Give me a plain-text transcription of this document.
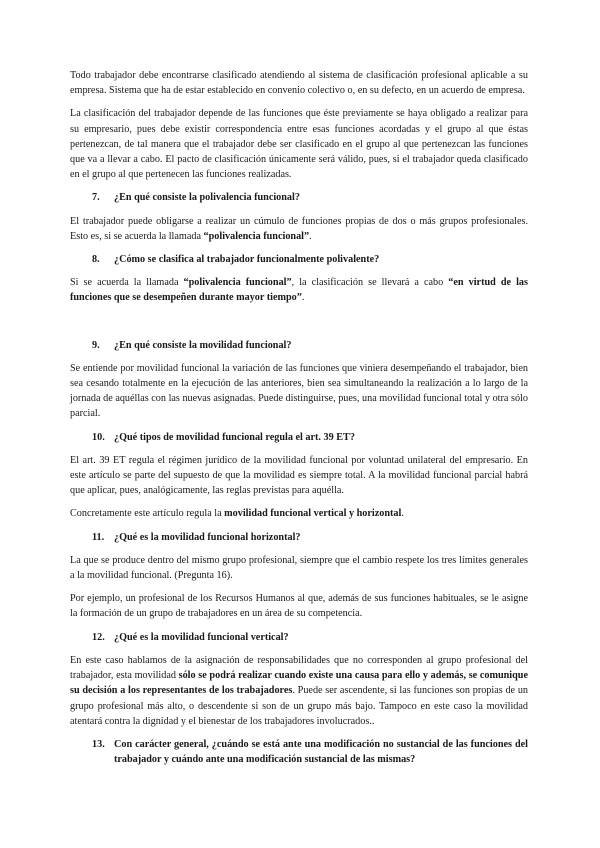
Todo trabajador debe encontrarse clasificado atendiendo al sistema de clasificación profesional aplicable a su empresa. Sistema que ha de estar establecido en convenio colectivo o, en su defecto, en un acuerdo de empresa.

La clasificación del trabajador depende de las funciones que éste previamente se haya obligado a realizar para su empresario, pues debe existir correspondencia entre esas funciones acordadas y el grupo al que éstas pertenezcan, de tal manera que el trabajador debe ser clasificado en el grupo al que pertenezcan las funciones que va a llevar a cabo. El pacto de clasificación únicamente será válido, pues, si el trabajador queda clasificado en el grupo al que pertenecen las funciones realizadas.

7. ¿En qué consiste la polivalencia funcional?

El trabajador puede obligarse a realizar un cúmulo de funciones propias de dos o más grupos profesionales. Esto es, si se acuerda la llamada “polivalencia funcional”.

8. ¿Cómo se clasifica al trabajador funcionalmente polivalente?

Si se acuerda la llamada “polivalencia funcional”, la clasificación se llevará a cabo “en virtud de las funciones que se desempeñen durante mayor tiempo”.

9. ¿En qué consiste la movilidad funcional?

Se entiende por movilidad funcional la variación de las funciones que viniera desempeñando el trabajador, bien sea cesando totalmente en la ejecución de las anteriores, bien sea simultaneando la realización a lo largo de la jornada de aquéllas con las nuevas asignadas. Puede distinguirse, pues, una movilidad funcional total y otra sólo parcial.

10. ¿Qué tipos de movilidad funcional regula el art. 39 ET?

El art. 39 ET regula el régimen jurídico de la movilidad funcional por voluntad unilateral del empresario. En este artículo se parte del supuesto de que la movilidad es siempre total. A la movilidad funcional parcial habrá que aplicar, pues, analógicamente, las reglas previstas para aquélla.

Concretamente este artículo regula la movilidad funcional vertical y horizontal.

11. ¿Qué es la movilidad funcional horizontal?

La que se produce dentro del mismo grupo profesional, siempre que el cambio respete los tres límites generales a la movilidad funcional. (Pregunta 16).

Por ejemplo, un profesional de los Recursos Humanos al que, además de sus funciones habituales, se le asigne la formación de un grupo de trabajadores en un área de su competencia.

12. ¿Qué es la movilidad funcional vertical?

En este caso hablamos de la asignación de responsabilidades que no corresponden al grupo profesional del trabajador, esta movilidad sólo se podrá realizar cuando existe una causa para ello y además, se comunique su decisión a los representantes de los trabajadores. Puede ser ascendente, si las funciones son propias de un grupo profesional más alto, o descendente si son de un grupo más bajo. Tampoco en este caso la movilidad atentará contra la dignidad y el bienestar de los trabajadores involucrados..

13. Con carácter general, ¿cuándo se está ante una modificación no sustancial de las funciones del trabajador y cuándo ante una modificación sustancial de las mismas?
